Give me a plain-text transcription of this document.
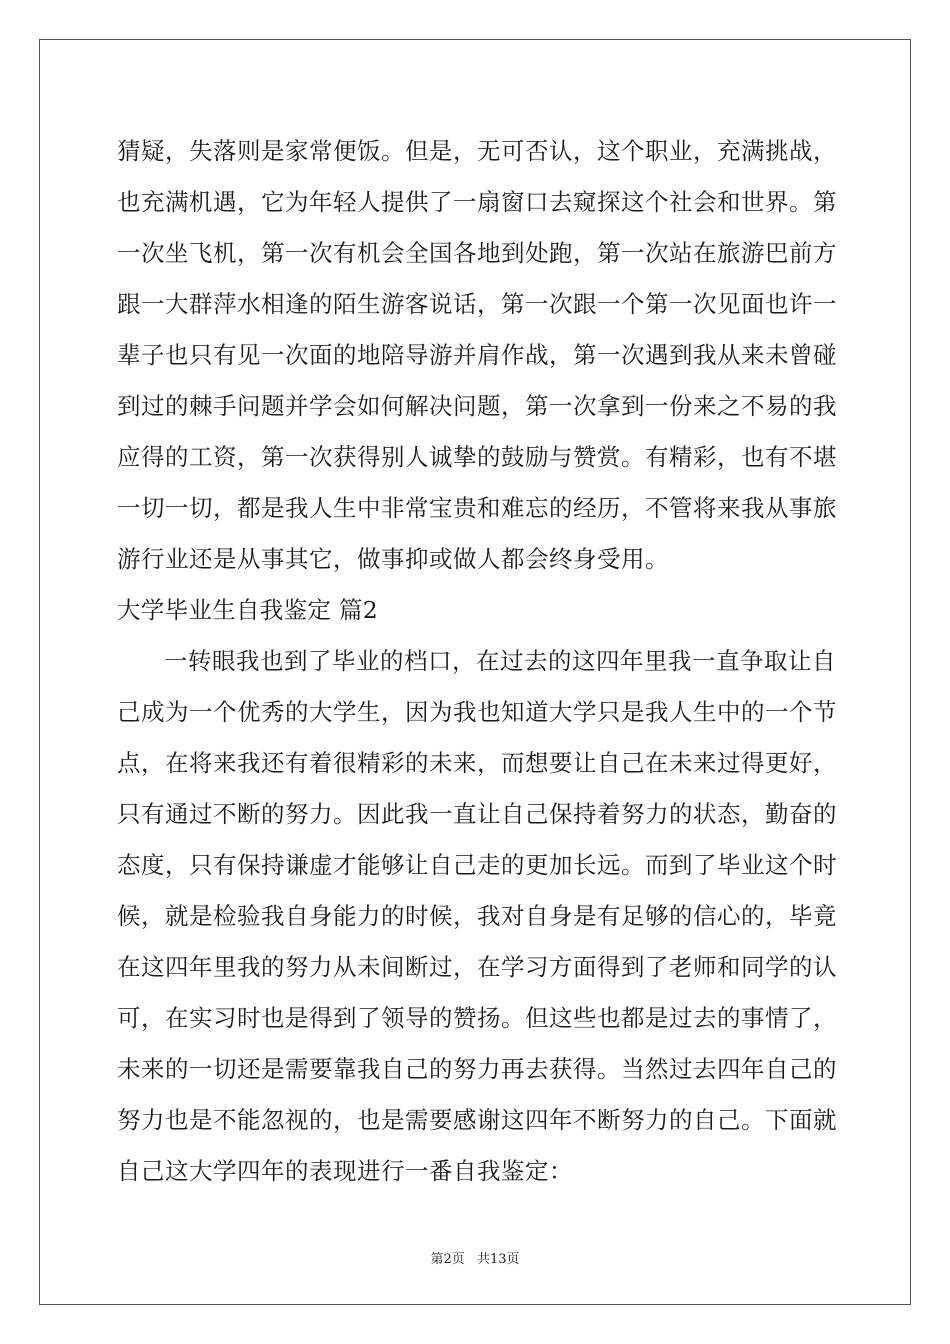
猜疑，失落则是家常便饭。但是，无可否认，这个职业，充满挑战，
也充满机遇，它为年轻人提供了一扇窗口去窥探这个社会和世界。第
一次坐飞机，第一次有机会全国各地到处跑，第一次站在旅游巴前方
跟一大群萍水相逢的陌生游客说话，第一次跟一个第一次见面也许一
辈子也只有见一次面的地陪导游并肩作战，第一次遇到我从来未曾碰
到过的棘手问题并学会如何解决问题，第一次拿到一份来之不易的我
应得的工资，第一次获得别人诚挚的鼓励与赞赏。有精彩，也有不堪
一切一切，都是我人生中非常宝贵和难忘的经历，不管将来我从事旅
游行业还是从事其它，做事抑或做人都会终身受用。
大学毕业生自我鉴定 篇2
一转眼我也到了毕业的档口，在过去的这四年里我一直争取让自
己成为一个优秀的大学生，因为我也知道大学只是我人生中的一个节
点，在将来我还有着很精彩的未来，而想要让自己在未来过得更好，
只有通过不断的努力。因此我一直让自己保持着努力的状态，勤奋的
态度，只有保持谦虚才能够让自己走的更加长远。而到了毕业这个时
候，就是检验我自身能力的时候，我对自身是有足够的信心的，毕竟
在这四年里我的努力从未间断过，在学习方面得到了老师和同学的认
可，在实习时也是得到了领导的赞扬。但这些也都是过去的事情了，
未来的一切还是需要靠我自己的努力再去获得。当然过去四年自己的
努力也是不能忽视的，也是需要感谢这四年不断努力的自己。下面就
自己这大学四年的表现进行一番自我鉴定：
第2页 共13页
